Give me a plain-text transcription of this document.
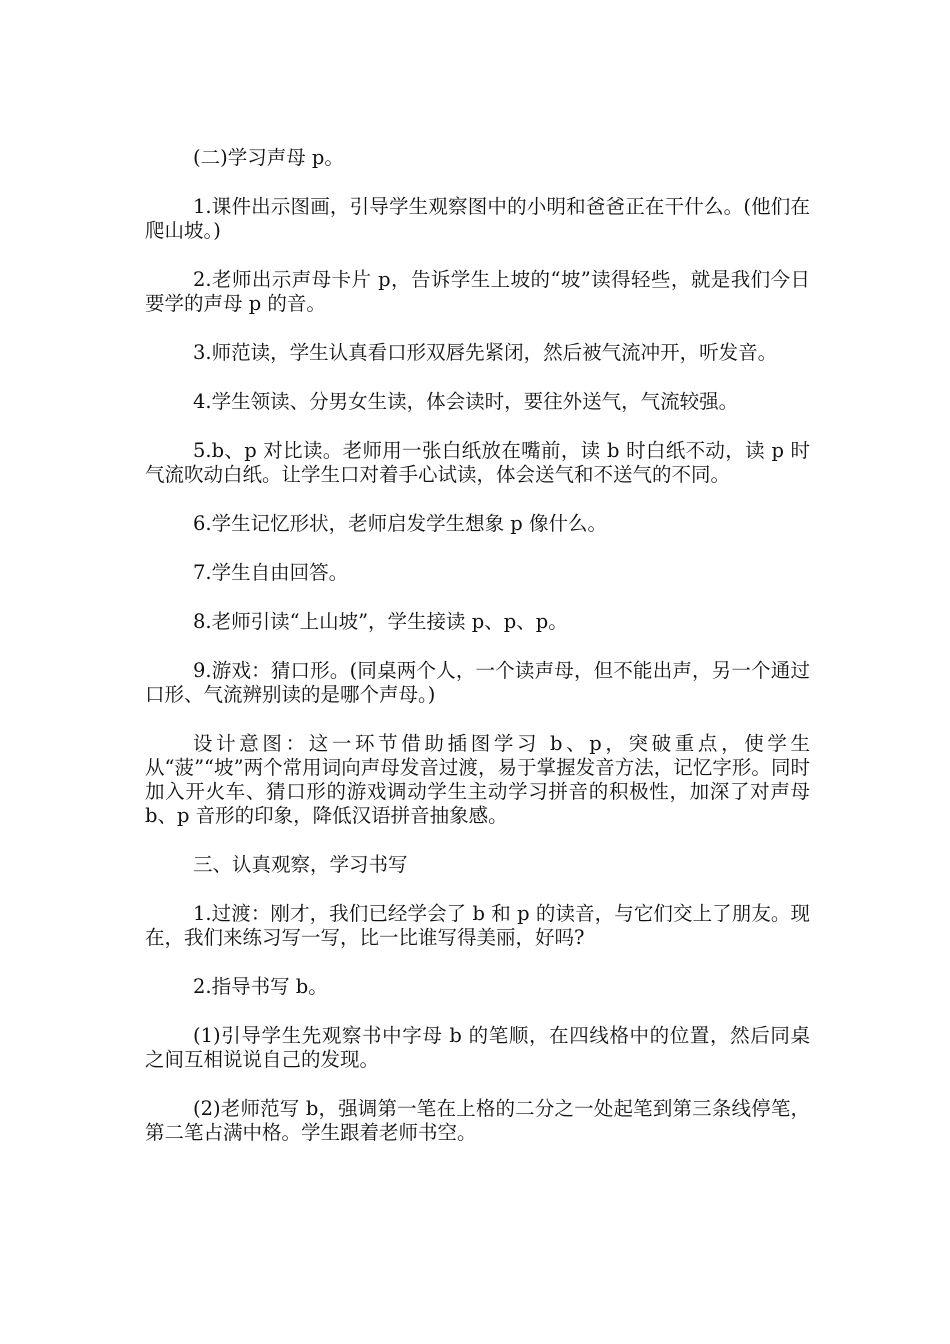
(二)学习声母 p。

1.课件出示图画，引导学生观察图中的小明和爸爸正在干什么。(他们在爬山坡。)

2.老师出示声母卡片 p，告诉学生上坡的“坡”读得轻些，就是我们今日要学的声母 p 的音。

3.师范读，学生认真看口形双唇先紧闭，然后被气流冲开，听发音。

4.学生领读、分男女生读，体会读时，要往外送气，气流较强。

5.b、p 对比读。老师用一张白纸放在嘴前，读 b 时白纸不动，读 p 时气流吹动白纸。让学生口对着手心试读，体会送气和不送气的不同。

6.学生记忆形状，老师启发学生想象 p 像什么。

7.学生自由回答。

8.老师引读“上山坡”，学生接读 p、p、p。

9.游戏：猜口形。(同桌两个人，一个读声母，但不能出声，另一个通过口形、气流辨别读的是哪个声母。)

设计意图：这一环节借助插图学习 b、p，突破重点，使学生从“菠”“坡”两个常用词向声母发音过渡，易于掌握发音方法，记忆字形。同时加入开火车、猜口形的游戏调动学生主动学习拼音的积极性，加深了对声母 b、p 音形的印象，降低汉语拼音抽象感。

三、认真观察，学习书写

1.过渡：刚才，我们已经学会了 b 和 p 的读音，与它们交上了朋友。现在，我们来练习写一写，比一比谁写得美丽，好吗?

2.指导书写 b。

(1)引导学生先观察书中字母 b 的笔顺，在四线格中的位置，然后同桌之间互相说说自己的发现。

(2)老师范写 b，强调第一笔在上格的二分之一处起笔到第三条线停笔，第二笔占满中格。学生跟着老师书空。
